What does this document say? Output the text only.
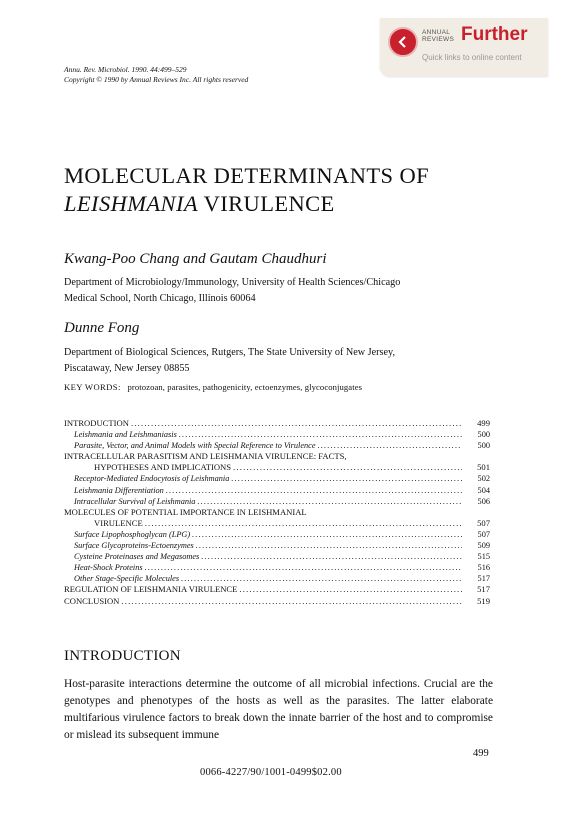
ANNUAL
REVIEWS Further
Quick links to online content
Annu. Rev. Microbiol. 1990. 44:499–529
Copyright © 1990 by Annual Reviews Inc. All rights reserved
MOLECULAR DETERMINANTS OF
LEISHMANIA VIRULENCE
Kwang-Poo Chang and Gautam Chaudhuri
Department of Microbiology/Immunology, University of Health Sciences/Chicago
Medical School, North Chicago, Illinois 60064
Dunne Fong
Department of Biological Sciences, Rutgers, The State University of New Jersey,
Piscataway, New Jersey 08855
KEY WORDS: protozoan, parasites, pathogenicity, ectoenzymes, glycoconjugates
INTRODUCTION .....	499
Leishmania and Leishmaniasis .....	500
Parasite, Vector, and Animal Models with Special Reference to Virulence .....	500
INTRACELLULAR PARASITISM AND LEISHMANIA VIRULENCE: FACTS,
HYPOTHESES AND IMPLICATIONS .....	501
Receptor-Mediated Endocytosis of Leishmania .....	502
Leishmania Differentiation .....	504
Intracellular Survival of Leishmania .....	506
MOLECULES OF POTENTIAL IMPORTANCE IN LEISHMANIAL
VIRULENCE .....	507
Surface Lipophosphoglycan (LPG) .....	507
Surface Glycoproteins-Ectoenzymes .....	509
Cysteine Proteinases and Megasomes .....	515
Heat-Shock Proteins .....	516
Other Stage-Specific Molecules .....	517
REGULATION OF LEISHMANIA VIRULENCE .....	517
CONCLUSION .....	519
INTRODUCTION

Host-parasite interactions determine the outcome of all microbial infections. Crucial are the genotypes and phenotypes of the hosts as well as the parasites. The latter elaborate multifarious virulence factors to break down the innate barrier of the host and to compromise or mislead its subsequent immune

499
0066-4227/90/1001-0499$02.00
